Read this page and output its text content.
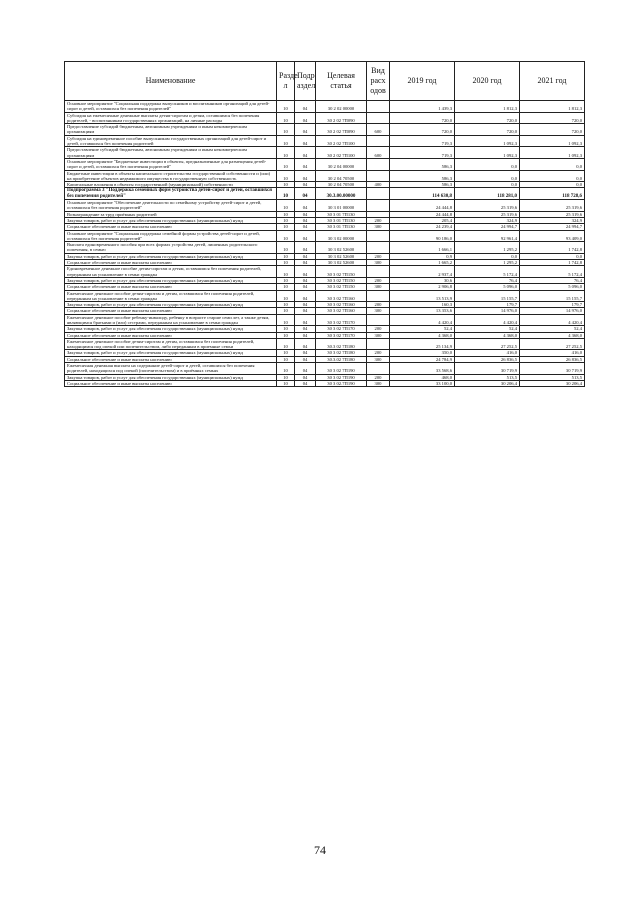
Наименование	Разде л	Подр аздел	Целевая статья	Вид расх одов	2019 год	2020 год	2021 год
Основное мероприятие "Социальная поддержка выпускников и воспитанников организаций для детей-сирот и детей, оставшихся без попечения родителей"	10	04	30 2 02 00000		1 439,3	1 812,3	1 812,3
Субсидия на ежемесячные денежные выплаты детям-сиротам и детям, оставшимся без попечения родителей, - воспитанникам государственных организаций, на личные расходы	10	04	30 2 02 7П090		720,0	720,0	720,0
Предоставление субсидий бюджетным, автономным учреждениям и иным некоммерческим организациям	10	04	30 2 02 7П090	600	720,0	720,0	720,0
Субсидия на единовременное пособие выпускникам государственных организаций для детей-сирот и детей, оставшихся без попечения родителей	10	04	30 2 02 7П100		719,3	1 092,3	1 092,3
Предоставление субсидий бюджетным, автономным учреждениям и иным некоммерческим организациям	10	04	30 2 02 7П100	600	719,3	1 092,3	1 092,3
Основное мероприятие "Бюджетные инвестиции в объекты, предназначенные для размещения детей-сирот и детей, оставшихся без попечения родителей"	10	04	30 2 04 00000		586,3	0,0	0,0
Бюджетные инвестиции в объекты капитального строительства государственной собственности и (или) на приобретение объектов недвижимого имущества в государственную собственность	10	04	30 2 04 70500		586,3	0,0	0,0
Капитальные вложения в объекты государственной (муниципальной) собственности	10	04	30 2 04 70500	400	586,3	0,0	0,0
Подпрограмма 3 "Поддержка семейных форм устройства детей-сирот и детей, оставшихся без попечения родителей"	10	04	30.3.00.00000		114 630,8	118 281,0	118 728,6
Основное мероприятие "Обеспечение деятельности по семейному устройству детей-сирот и детей, оставшихся без попечения родителей"	10	04	30 3 01 00000		24 444,8	25 319,6	25 319,6
Вознаграждение за труд приёмных родителей	10	04	30 3 01 7П130		24 444,8	25 319,6	25 319,6
Закупка товаров, работ и услуг для обеспечения государственных (муниципальных) нужд	10	04	30 3 01 7П130	200	205,4	324,9	324,9
Социальное обеспечение и иные выплаты населению	10	04	30 3 01 7П130	300	24 239,4	24 994,7	24 994,7
Основное мероприятие "Социальная поддержка семейной формы устройства детей-сирот и детей, оставшихся без попечения родителей"	10	04	30 3 02 00000		90 186,0	92 961,4	93 409,0
Выплата единовременного пособия при всех формах устройства детей, лишенных родительского попечения, в семью	10	04	30 3 02 52600		1 666,1	1 295,2	1 742,8
Закупка товаров, работ и услуг для обеспечения государственных (муниципальных) нужд	10	04	30 3 02 52600	200	0,9	0,0	0,0
Социальное обеспечение и иные выплаты населению	10	04	30 3 02 52600	300	1 665,2	1 295,2	1 742,8
Единовременное денежное пособие детям-сиротам и детям, оставшимся без попечения родителей, переданным на усыновление в семьи граждан	10	04	30 3 02 7П150		2 937,4	5 172,4	5 172,4
Закупка товаров, работ и услуг для обеспечения государственных (муниципальных) нужд	10	04	30 3 02 7П150	200	30,6	76,4	76,4
Социальное обеспечение и иные выплаты населению	10	04	30 3 02 7П150	300	2 906,8	5 096,0	5 096,0
Ежемесячное денежное пособие детям-сиротам и детям, оставшимся без попечения родителей, переданным на усыновление в семьи граждан	10	04	30 3 02 7П160		13 513,9	15 155,7	15 155,7
Закупка товаров, работ и услуг для обеспечения государственных (муниципальных) нужд	10	04	30 3 02 7П160	200	160,3	179,7	179,7
Социальное обеспечение и иные выплаты населению	10	04	30 3 02 7П160	300	13 353,6	14 976,0	14 976,0
Ежемесячное денежное пособие ребенку-инвалиду, ребенку в возрасте старше семи лет, а также детям, являющимся братьями и (или) сестрами, переданным на усыновление в семьи граждан	10	04	30 3 02 7П170		4 420,4	4 420,4	4 420,4
Закупка товаров, работ и услуг для обеспечения государственных (муниципальных) нужд	10	04	30 3 02 7П170	200	52,4	52,4	52,4
Социальное обеспечение и иные выплаты населению	10	04	30 3 02 7П170	300	4 368,0	4 368,0	4 368,0
Ежемесячное денежное пособие детям-сиротам и детям, оставшимся без попечения родителей, находящимся под опекой или попечительством, либо переданным в приемные семьи	10	04	30.3 02 7П180		25 134,9	27 252,5	27 252,5
Закупка товаров, работ и услуг для обеспечения государственных (муниципальных) нужд	10	04	30 3 02 7П180	200	350,0	416,0	416,0
Социальное обеспечение и иные выплаты населению	10	04	30.3.02 7П180	300	24 784,9	26 836,5	26 836,5
Ежемесячная денежная выплата на содержание детей-сирот и детей, оставшихся без попечения родителей, находящихся под опекой (попечительством) и в приёмных семьях	10	04	30 3 02 7П190		33 568,6	30 719,9	30 719,9
Закупка товаров, работ и услуг для обеспечения государственных (муниципальных) нужд	10	04	30 3 02 7П190	200	468,0	513,5	513,5
Социальное обеспечение и иные выплаты населению	10	04	30 3 02.7П190	300	33 100,0	30 206,4	30 206,4
74
